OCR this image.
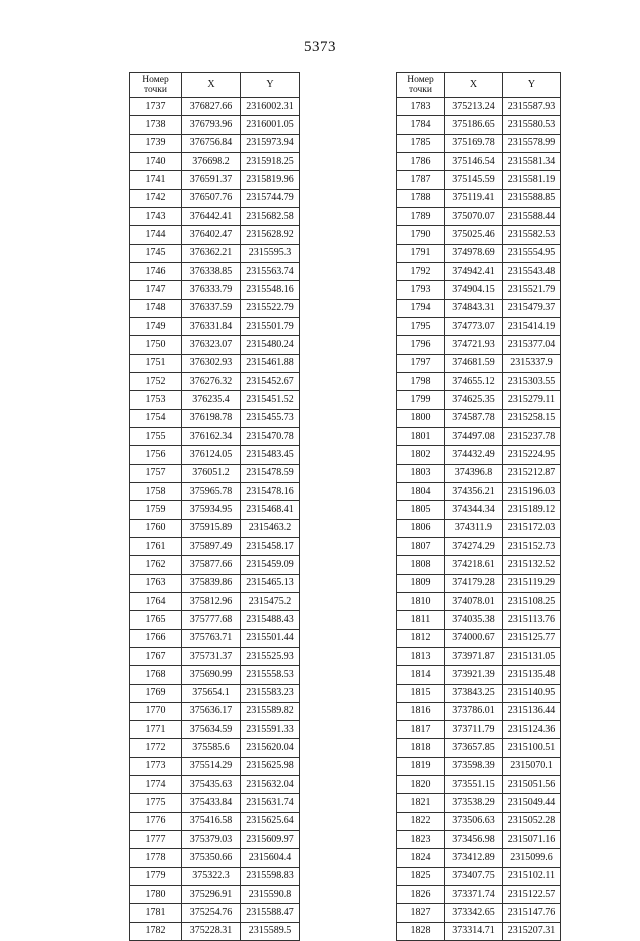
5373
Номер
точки	X	Y
1737	376827.66	2316002.31
1738	376793.96	2316001.05
1739	376756.84	2315973.94
1740	376698.2	2315918.25
1741	376591.37	2315819.96
1742	376507.76	2315744.79
1743	376442.41	2315682.58
1744	376402.47	2315628.92
1745	376362.21	2315595.3
1746	376338.85	2315563.74
1747	376333.79	2315548.16
1748	376337.59	2315522.79
1749	376331.84	2315501.79
1750	376323.07	2315480.24
1751	376302.93	2315461.88
1752	376276.32	2315452.67
1753	376235.4	2315451.52
1754	376198.78	2315455.73
1755	376162.34	2315470.78
1756	376124.05	2315483.45
1757	376051.2	2315478.59
1758	375965.78	2315478.16
1759	375934.95	2315468.41
1760	375915.89	2315463.2
1761	375897.49	2315458.17
1762	375877.66	2315459.09
1763	375839.86	2315465.13
1764	375812.96	2315475.2
1765	375777.68	2315488.43
1766	375763.71	2315501.44
1767	375731.37	2315525.93
1768	375690.99	2315558.53
1769	375654.1	2315583.23
1770	375636.17	2315589.82
1771	375634.59	2315591.33
1772	375585.6	2315620.04
1773	375514.29	2315625.98
1774	375435.63	2315632.04
1775	375433.84	2315631.74
1776	375416.58	2315625.64
1777	375379.03	2315609.97
1778	375350.66	2315604.4
1779	375322.3	2315598.83
1780	375296.91	2315590.8
1781	375254.76	2315588.47
1782	375228.31	2315589.5
Номер
точки	X	Y
1783	375213.24	2315587.93
1784	375186.65	2315580.53
1785	375169.78	2315578.99
1786	375146.54	2315581.34
1787	375145.59	2315581.19
1788	375119.41	2315588.85
1789	375070.07	2315588.44
1790	375025.46	2315582.53
1791	374978.69	2315554.95
1792	374942.41	2315543.48
1793	374904.15	2315521.79
1794	374843.31	2315479.37
1795	374773.07	2315414.19
1796	374721.93	2315377.04
1797	374681.59	2315337.9
1798	374655.12	2315303.55
1799	374625.35	2315279.11
1800	374587.78	2315258.15
1801	374497.08	2315237.78
1802	374432.49	2315224.95
1803	374396.8	2315212.87
1804	374356.21	2315196.03
1805	374344.34	2315189.12
1806	374311.9	2315172.03
1807	374274.29	2315152.73
1808	374218.61	2315132.52
1809	374179.28	2315119.29
1810	374078.01	2315108.25
1811	374035.38	2315113.76
1812	374000.67	2315125.77
1813	373971.87	2315131.05
1814	373921.39	2315135.48
1815	373843.25	2315140.95
1816	373786.01	2315136.44
1817	373711.79	2315124.36
1818	373657.85	2315100.51
1819	373598.39	2315070.1
1820	373551.15	2315051.56
1821	373538.29	2315049.44
1822	373506.63	2315052.28
1823	373456.98	2315071.16
1824	373412.89	2315099.6
1825	373407.75	2315102.11
1826	373371.74	2315122.57
1827	373342.65	2315147.76
1828	373314.71	2315207.31
